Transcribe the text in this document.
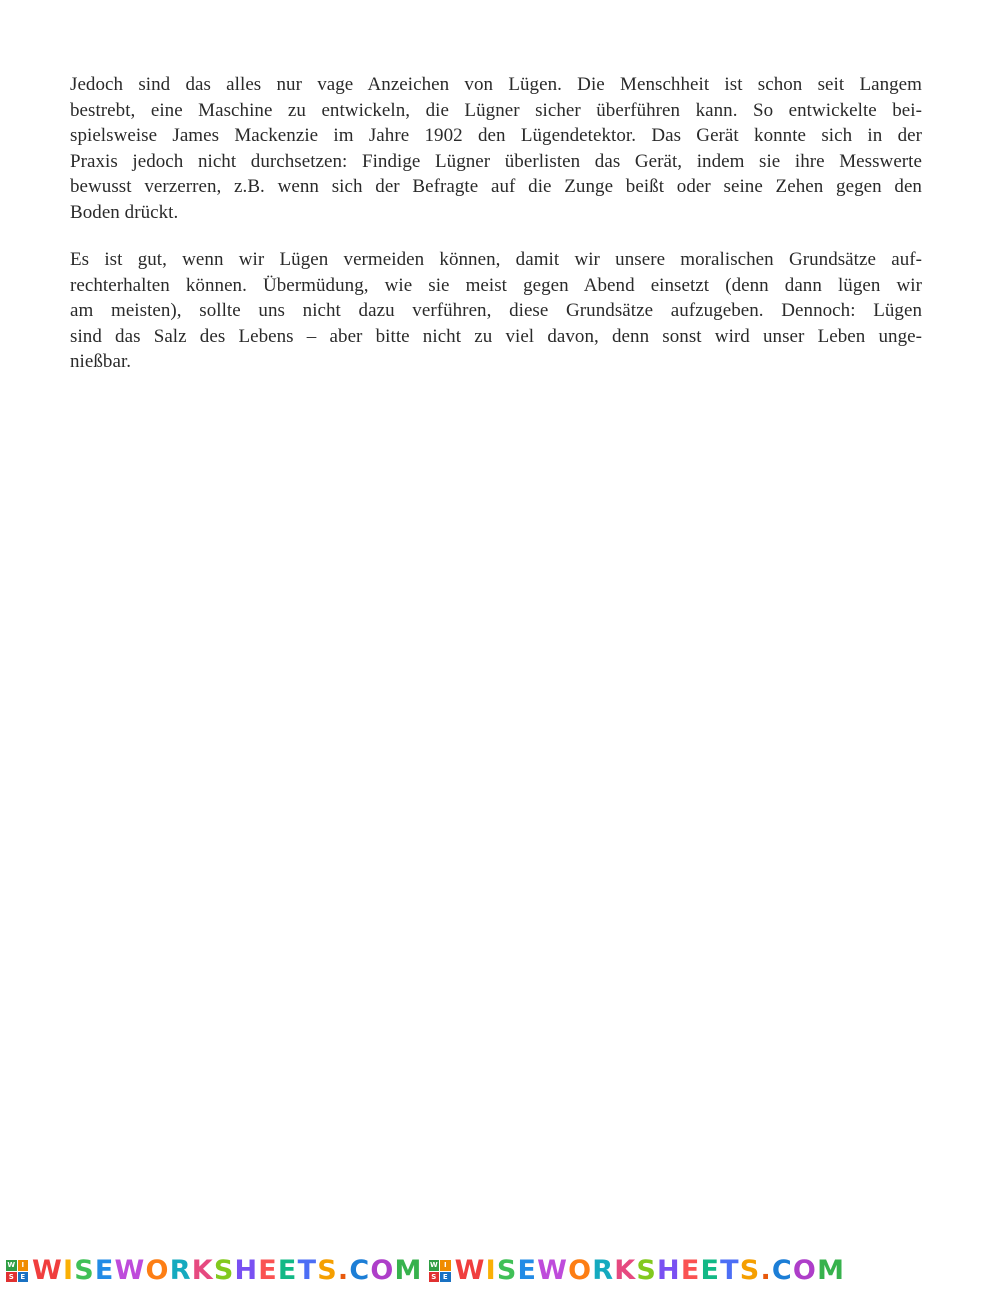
Jedoch sind das alles nur vage Anzeichen von Lügen. Die Menschheit ist schon seit Langem
bestrebt, eine Maschine zu entwickeln, die Lügner sicher überführen kann. So entwickelte bei-
spielsweise James Mackenzie im Jahre 1902 den Lügendetektor. Das Gerät konnte sich in der
Praxis jedoch nicht durchsetzen: Findige Lügner überlisten das Gerät, indem sie ihre Messwerte
bewusst verzerren, z.B. wenn sich der Befragte auf die Zunge beißt oder seine Zehen gegen den
Boden drückt.

Es ist gut, wenn wir Lügen vermeiden können, damit wir unsere moralischen Grundsätze auf-
rechterhalten können. Übermüdung, wie sie meist gegen Abend einsetzt (denn dann lügen wir
am meisten), sollte uns nicht dazu verführen, diese Grundsätze aufzugeben. Dennoch: Lügen
sind das Salz des Lebens – aber bitte nicht zu viel davon, denn sonst wird unser Leben unge-
nießbar.

W I
S E WISEWORKSHEETS.COM W I
S E WISEWORKSHEETS.COM
